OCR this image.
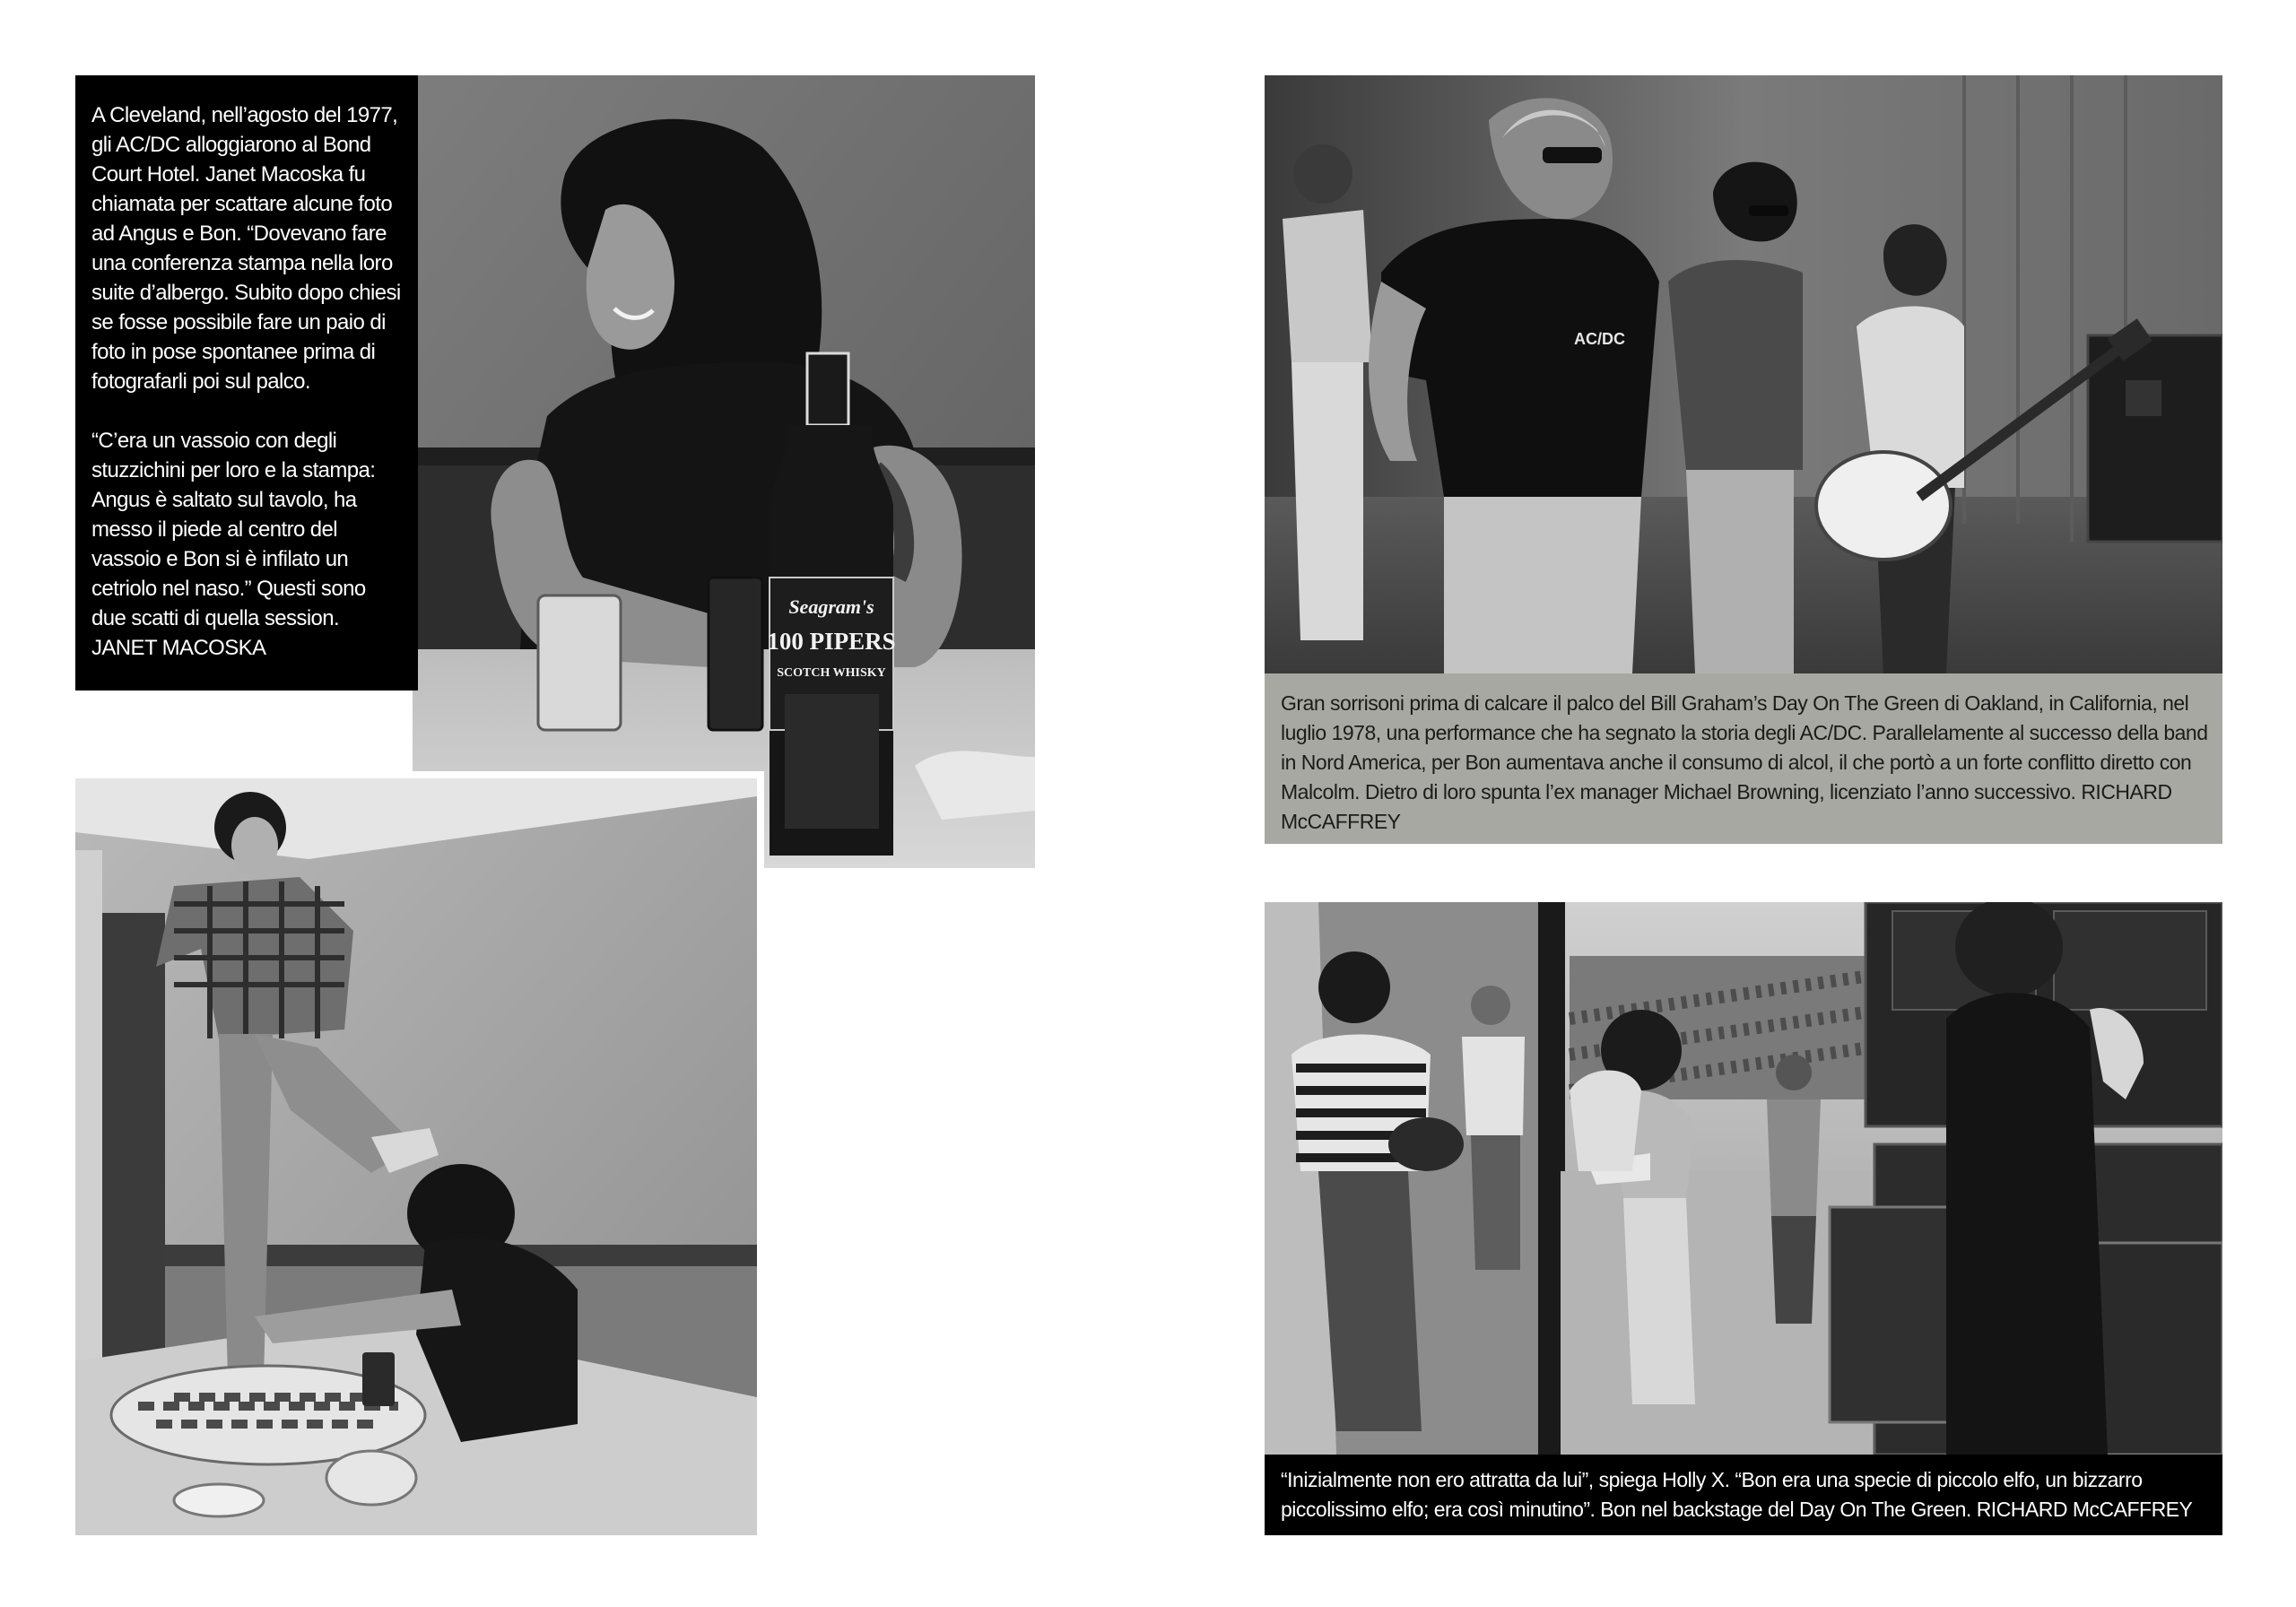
Seagram's
100 PIPERS
SCOTCH WHISKY

A Cleveland, nell’agosto del 1977, gli AC/DC alloggiarono al Bond Court Hotel. Janet Macoska fu chiamata per scattare alcune foto ad Angus e Bon. “Dovevano fare una conferenza stampa nella loro suite d’albergo. Subito dopo chiesi se fosse possibile fare un paio di foto in pose spontanee prima di fotografarli poi sul palco.

“C’era un vassoio con degli stuzzichini per loro e la stampa: Angus è saltato sul tavolo, ha messo il piede al centro del vassoio e Bon si è infilato un cetriolo nel naso.” Questi sono due scatti di quella session. JANET MACOSKA

AC/DC
Gran sorrisoni prima di calcare il palco del Bill Graham’s Day On The Green di Oakland, in California, nel luglio 1978, una performance che ha segnato la storia degli AC/DC. Parallelamente al successo della band in Nord America, per Bon aumentava anche il consumo di alcol, il che portò a un forte conflitto diretto con Malcolm. Dietro di loro spunta l’ex manager Michael Browning, licenziato l’anno successivo. RICHARD McCAFFREY
“Inizialmente non ero attratta da lui”, spiega Holly X. “Bon era una specie di piccolo elfo, un bizzarro piccolissimo elfo; era così minutino”. Bon nel backstage del Day On The Green. RICHARD McCAFFREY
